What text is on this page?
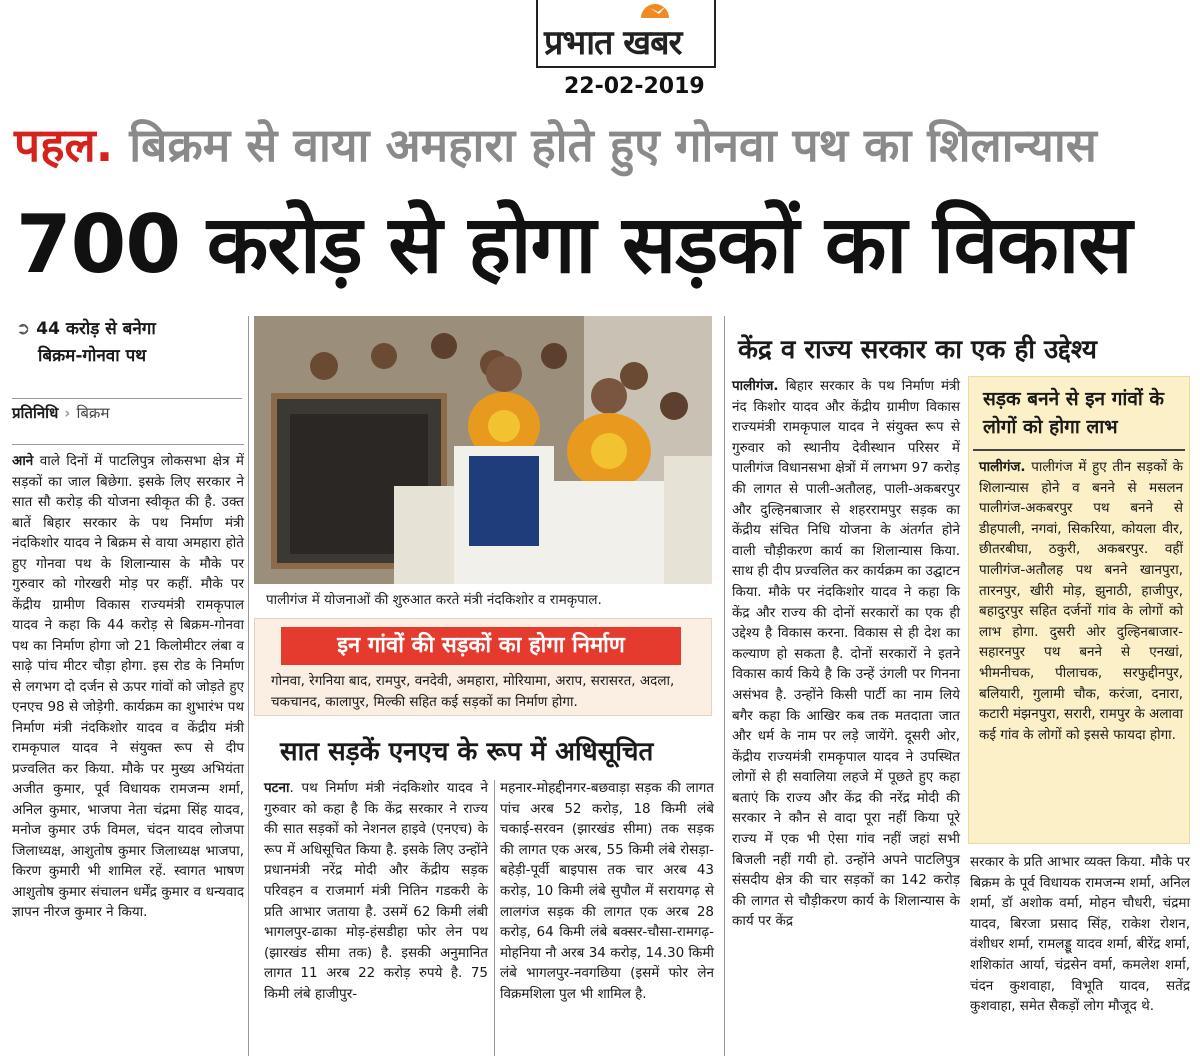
प्रभात खबर
22-02-2019
पहल. बिक्रम से वाया अमहारा होते हुए गोनवा पथ का शिलान्यास
700 करोड़ से होगा सड़कों का विकास
➲ 44 करोड़ से बनेगा
बिक्रम-गोनवा पथ
प्रतिनिधि › बिक्रम
आने वाले दिनों में पाटलिपुत्र लोकसभा क्षेत्र में सड़कों का जाल बिछेगा. इसके लिए सरकार ने सात सौ करोड़ की योजना स्वीकृत की है. उक्त बातें बिहार सरकार के पथ निर्माण मंत्री नंदकिशोर यादव ने बिक्रम से वाया अमहारा होते हुए गोनवा पथ के शिलान्यास के मौके पर गुरुवार को गोरखरी मोड़ पर कहीं. मौके पर केंद्रीय ग्रामीण विकास राज्यमंत्री रामकृपाल यादव ने कहा कि 44 करोड़ से बिक्रम-गोनवा पथ का निर्माण होगा जो 21 किलोमीटर लंबा व साढ़े पांच मीटर चौड़ा होगा. इस रोड के निर्माण से लगभग दो दर्जन से ऊपर गांवों को जोड़ते हुए एनएच 98 से जोड़ेगी. कार्यक्रम का शुभारंभ पथ निर्माण मंत्री नंदकिशोर यादव व केंद्रीय मंत्री रामकृपाल यादव ने संयुक्त रूप से दीप प्रज्वलित कर किया. मौके पर मुख्य अभियंता अजीत कुमार, पूर्व विधायक रामजन्म शर्मा, अनिल कुमार, भाजपा नेता चंद्रमा सिंह यादव, मनोज कुमार उर्फ विमल, चंदन यादव लोजपा जिलाध्यक्ष, आशुतोष कुमार जिलाध्यक्ष भाजपा, किरण कुमारी भी शामिल रहें. स्वागत भाषण आशुतोष कुमार संचालन धर्मेंद्र कुमार व धन्यवाद ज्ञापन नीरज कुमार ने किया.
पालीगंज में योजनाओं की शुरुआत करते मंत्री नंदकिशोर व रामकृपाल.
इन गांवों की सड़कों का होगा निर्माण
गोनवा, रेगनिया बाद, रामपुर, वनदेवी, अमहारा, मोरियामा, अराप, सरासरत, अदला, चकचानद, कालापुर, मिल्की सहित कई सड़कों का निर्माण होगा.
सात सड़कें एनएच के रूप में अधिसूचित
पटना. पथ निर्माण मंत्री नंदकिशोर यादव ने गुरुवार को कहा है कि केंद्र सरकार ने राज्य की सात सड़कों को नेशनल हाइवे (एनएच) के रूप में अधिसूचित किया है. इसके लिए उन्होंने प्रधानमंत्री नरेंद्र मोदी और केंद्रीय सड़क परिवहन व राजमार्ग मंत्री नितिन गडकरी के प्रति आभार जताया है. उसमें 62 किमी लंबी भागलपुर-ढाका मोड़-हंसडीहा फोर लेन पथ (झारखंड सीमा तक) है. इसकी अनुमानित लागत 11 अरब 22 करोड़ रुपये है. 75 किमी लंबे हाजीपुर-
महनार-मोहद्दीनगर-बछवाड़ा सड़क की लागत पांच अरब 52 करोड़, 18 किमी लंबे चकाई-सरवन (झारखंड सीमा) तक सड़क की लागत एक अरब, 55 किमी लंबे रोसड़ा-बहेड़ी-पूर्वी बाइपास तक चार अरब 43 करोड़, 10 किमी लंबे सुपौल में सरायगढ़ से लालगंज सड़क की लागत एक अरब 28 करोड़, 64 किमी लंबे बक्सर-चौसा-रामगढ़-मोहनिया नौ अरब 34 करोड़, 14.30 किमी लंबे भागलपुर-नवगछिया (इसमें फोर लेन विक्रमशिला पुल भी शामिल है.
केंद्र व राज्य सरकार का एक ही उद्देश्य
पालीगंज. बिहार सरकार के पथ निर्माण मंत्री नंद किशोर यादव और केंद्रीय ग्रामीण विकास राज्यमंत्री रामकृपाल यादव ने संयुक्त रूप से गुरुवार को स्थानीय देवीस्थान परिसर में पालीगंज विधानसभा क्षेत्रों में लगभग 97 करोड़ की लागत से पाली-अतौलह, पाली-अकबरपुर और दुल्हिनबाजार से शहररामपुर सड़क का केंद्रीय संचित निधि योजना के अंतर्गत होने वाली चौड़ीकरण कार्य का शिलान्यास किया. साथ ही दीप प्रज्वलित कर कार्यक्रम का उद्घाटन किया. मौके पर नंदकिशोर यादव ने कहा कि केंद्र और राज्य की दोनों सरकारों का एक ही उद्देश्य है विकास करना. विकास से ही देश का कल्याण हो सकता है. दोनों सरकारों ने इतने विकास कार्य किये है कि उन्हें उंगली पर गिनना असंभव है. उन्होंने किसी पार्टी का नाम लिये बगैर कहा कि आखिर कब तक मतदाता जात और धर्म के नाम पर लड़े जायेंगे. दूसरी ओर, केंद्रीय राज्यमंत्री रामकृपाल यादव ने उपस्थित लोगों से ही सवालिया लहजे में पूछते हुए कहा बताएं कि राज्य और केंद्र की नरेंद्र मोदी की सरकार ने कौन से वादा पूरा नहीं किया पूरे राज्य में एक भी ऐसा गांव नहीं जहां सभी बिजली नहीं गयी हो. उन्होंने अपने पाटलिपुत्र संसदीय क्षेत्र की चार सड़कों का 142 करोड़ की लागत से चौड़ीकरण कार्य के शिलान्यास के कार्य पर केंद्र
सड़क बनने से इन गांवों के लोगों को होगा लाभ
पालीगंज. पालीगंज में हुए तीन सड़कों के शिलान्यास होने व बनने से मसलन पालीगंज-अकबरपुर पथ बनने से डीहपाली, नगवां, सिकरिया, कोयला वीर, छीतरबीघा, ठकुरी, अकबरपुर. वहीं पालीगंज-अतौलह पथ बनने खानपुरा, तारनपुर, खीरी मोड़, झुनाठी, हाजीपुर, बहादुरपुर सहित दर्जनों गांव के लोगों को लाभ होगा. दुसरी ओर दुल्हिनबाजार-सहारनपुर पथ बनने से एनखां, भीमनीचक, पीलाचक, सरफुद्दीनपुर, बलियारी, गुलामी चौक, करंजा, दनारा, कटारी मंझनपुरा, सरारी, रामपुर के अलावा कई गांव के लोगों को इससे फायदा होगा.
सरकार के प्रति आभार व्यक्त किया. मौके पर बिक्रम के पूर्व विधायक रामजन्म शर्मा, अनिल शर्मा, डॉ अशोक वर्मा, मोहन चौधरी, चंद्रमा यादव, बिरजा प्रसाद सिंह, राकेश रोशन, वंशीधर शर्मा, रामलड्डू यादव शर्मा, बीरेंद्र शर्मा, शशिकांत आर्या, चंद्रसेन वर्मा, कमलेश शर्मा, चंदन कुशवाहा, विभूति यादव, सतेंद्र कुशवाहा, समेत सैकड़ों लोग मौजूद थे.
